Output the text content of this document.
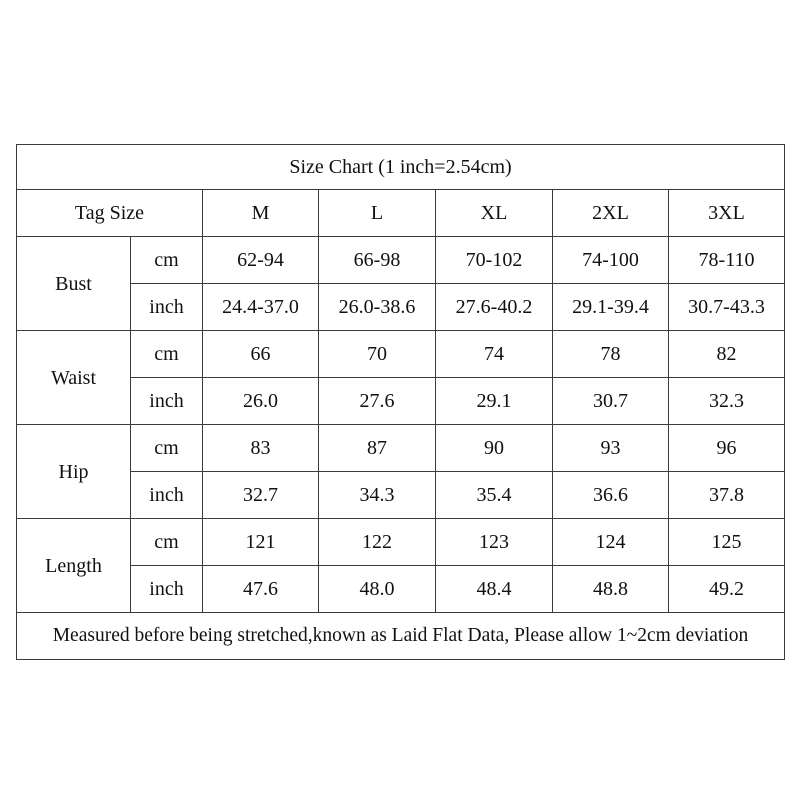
Size Chart (1 inch=2.54cm)						
Tag Size		M	L	XL	2XL	3XL
Bust	cm	62-94	66-98	70-102	74-100	78-110
	inch	24.4-37.0	26.0-38.6	27.6-40.2	29.1-39.4	30.7-43.3
Waist	cm	66	70	74	78	82
	inch	26.0	27.6	29.1	30.7	32.3
Hip	cm	83	87	90	93	96
	inch	32.7	34.3	35.4	36.6	37.8
Length	cm	121	122	123	124	125
	inch	47.6	48.0	48.4	48.8	49.2
Measured before being stretched,known as Laid Flat Data, Please allow 1~2cm deviation						
